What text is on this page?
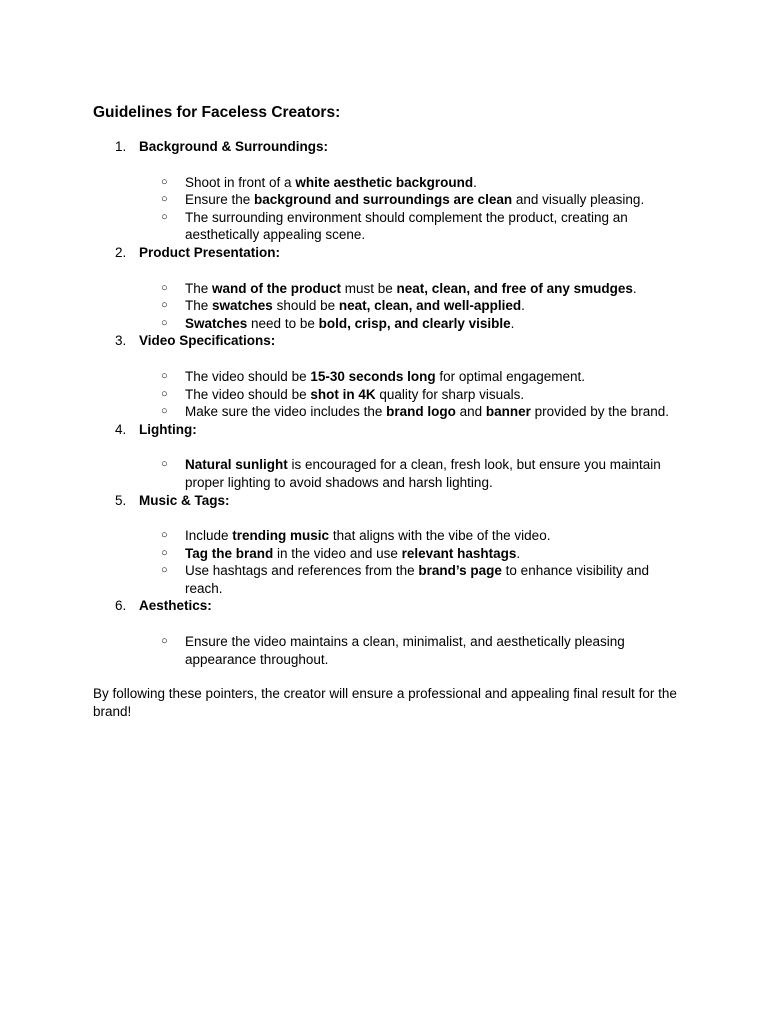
Guidelines for Faceless Creators:
1. Background & Surroundings:
○ Shoot in front of a white aesthetic background.
○ Ensure the background and surroundings are clean and visually pleasing.
○ The surrounding environment should complement the product, creating an aesthetically appealing scene.
2. Product Presentation:
○ The wand of the product must be neat, clean, and free of any smudges.
○ The swatches should be neat, clean, and well-applied.
○ Swatches need to be bold, crisp, and clearly visible.
3. Video Specifications:
○ The video should be 15-30 seconds long for optimal engagement.
○ The video should be shot in 4K quality for sharp visuals.
○ Make sure the video includes the brand logo and banner provided by the brand.
4. Lighting:
○ Natural sunlight is encouraged for a clean, fresh look, but ensure you maintain proper lighting to avoid shadows and harsh lighting.
5. Music & Tags:
○ Include trending music that aligns with the vibe of the video.
○ Tag the brand in the video and use relevant hashtags.
○ Use hashtags and references from the brand’s page to enhance visibility and reach.
6. Aesthetics:
○ Ensure the video maintains a clean, minimalist, and aesthetically pleasing appearance throughout.

By following these pointers, the creator will ensure a professional and appealing final result for the brand!
